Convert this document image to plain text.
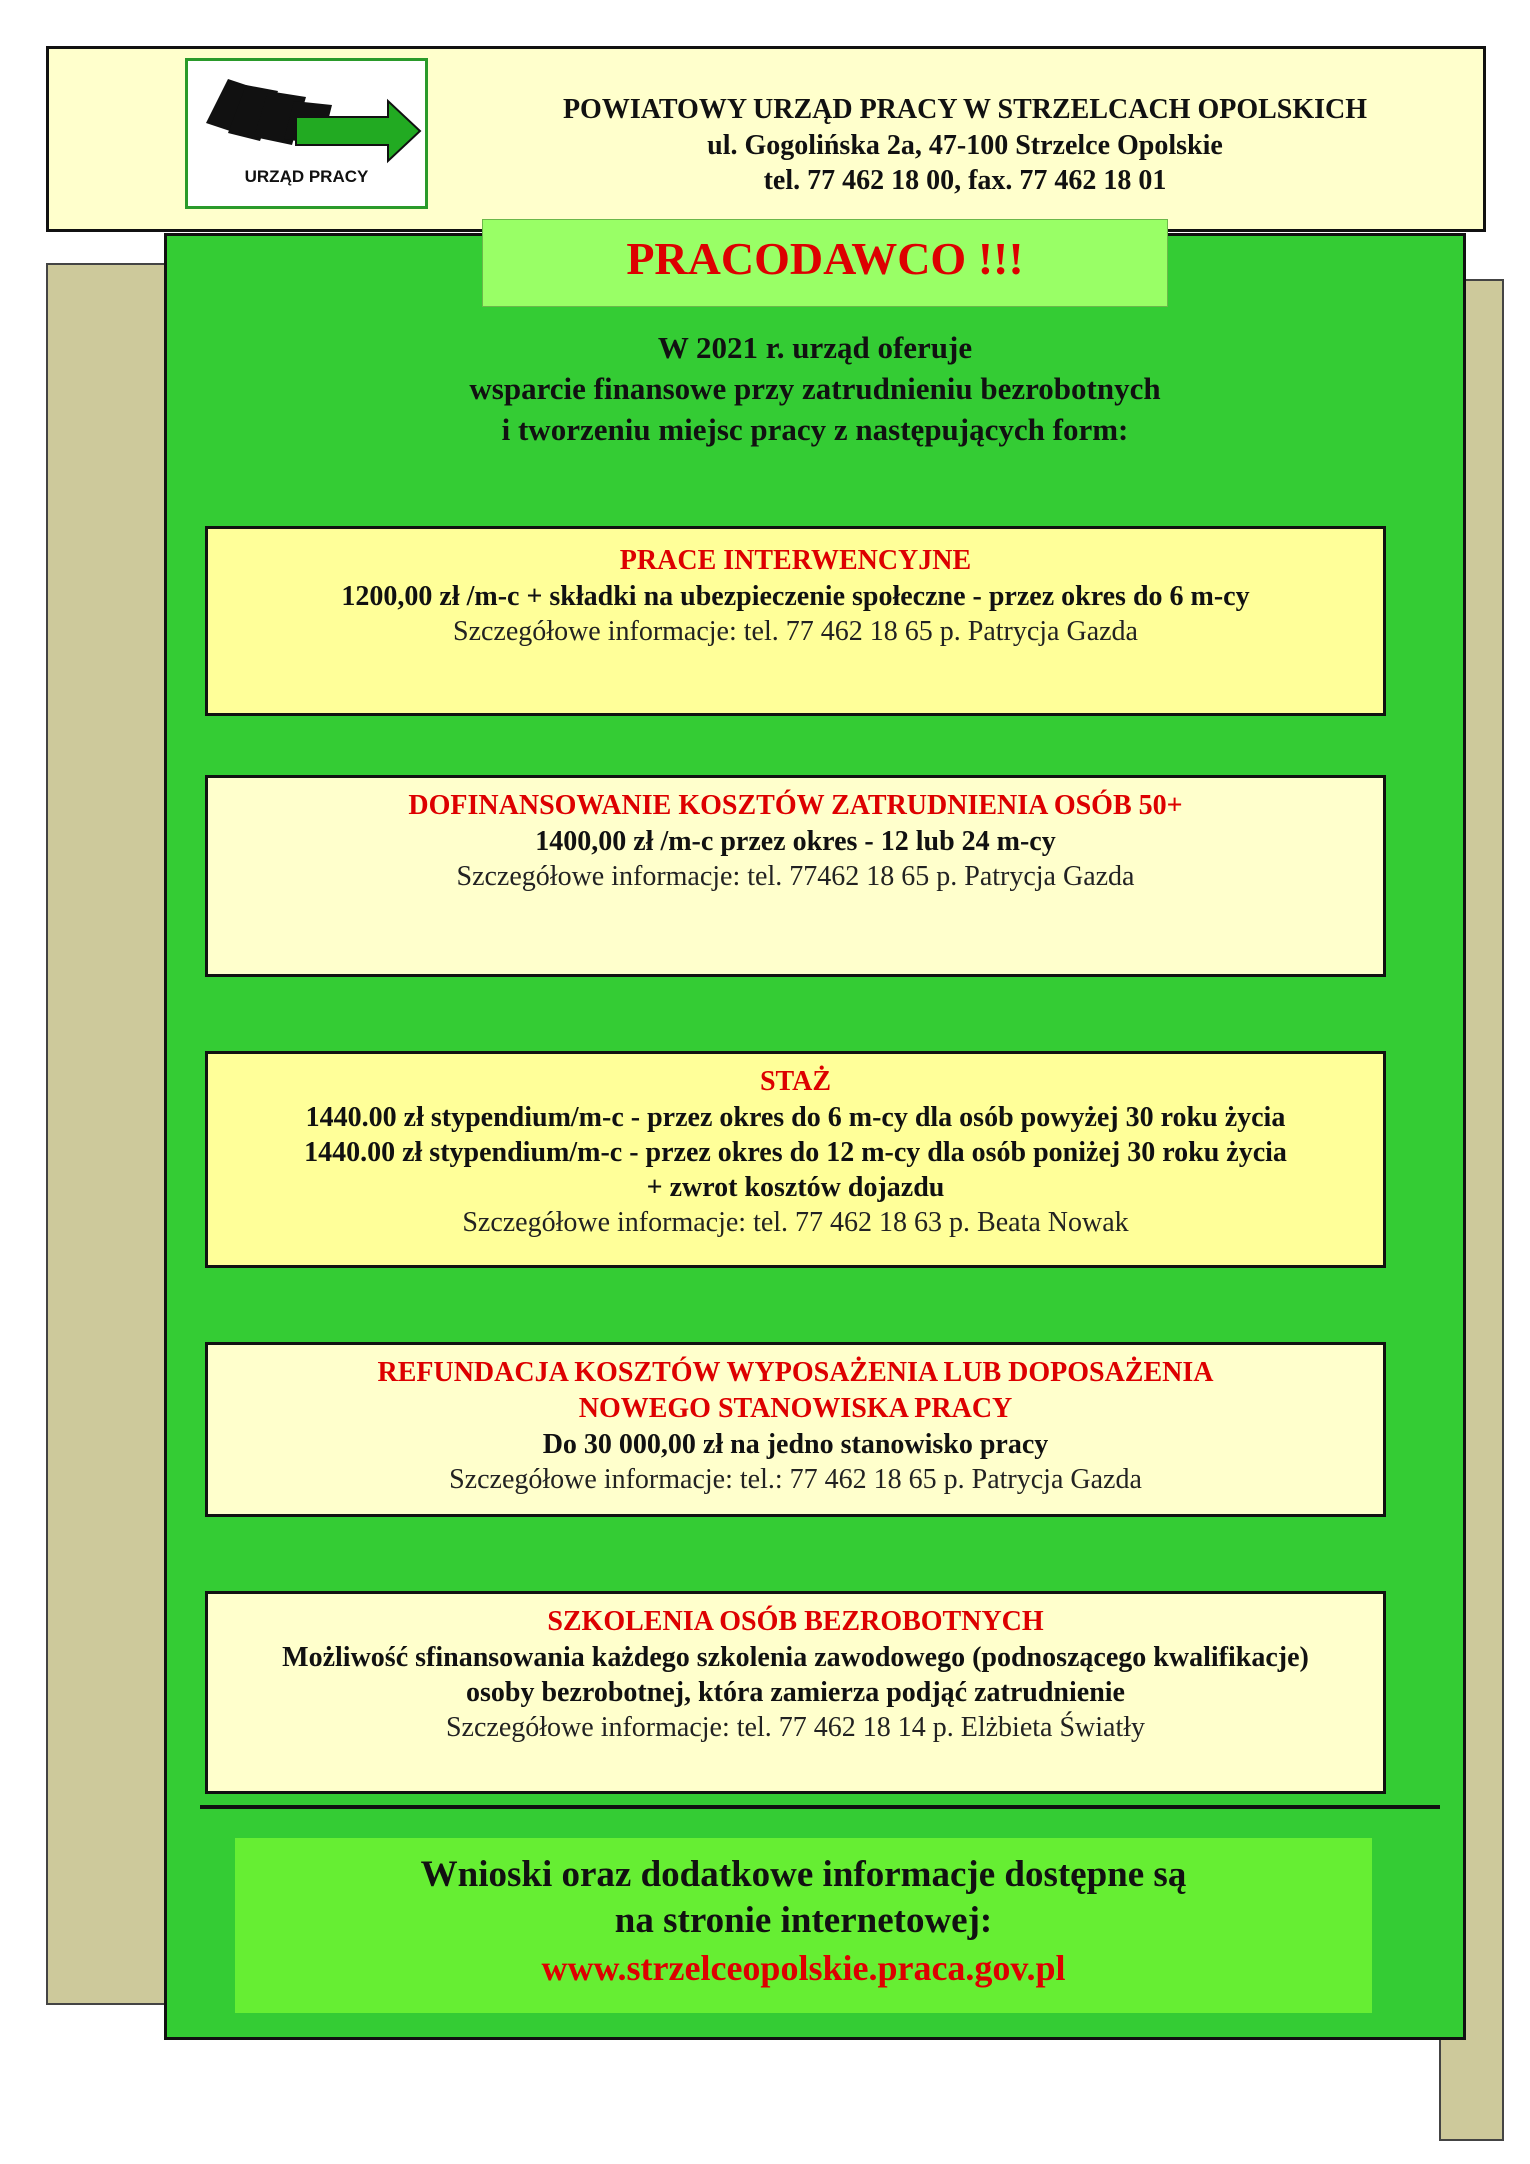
URZĄD PRACY
POWIATOWY URZĄD PRACY W STRZELCACH OPOLSKICH
ul. Gogolińska 2a, 47-100 Strzelce Opolskie
tel. 77 462 18 00, fax. 77 462 18 01
PRACODAWCO !!!
W 2021 r. urząd oferuje
wsparcie finansowe przy zatrudnieniu bezrobotnych
i tworzeniu miejsc pracy z następujących form:
PRACE INTERWENCYJNE
1200,00 zł /m-c + składki na ubezpieczenie społeczne - przez okres do 6 m-cy
Szczegółowe informacje: tel. 77 462 18 65 p. Patrycja Gazda
DOFINANSOWANIE KOSZTÓW ZATRUDNIENIA OSÓB 50+
1400,00 zł /m-c przez okres - 12 lub 24 m-cy
Szczegółowe informacje: tel. 77462 18 65 p. Patrycja Gazda
STAŻ
1440.00 zł stypendium/m-c - przez okres do 6 m-cy dla osób powyżej 30 roku życia
1440.00 zł stypendium/m-c - przez okres do 12 m-cy dla osób poniżej 30 roku życia
+ zwrot kosztów dojazdu
Szczegółowe informacje: tel. 77 462 18 63 p. Beata Nowak
REFUNDACJA KOSZTÓW WYPOSAŻENIA LUB DOPOSAŻENIA
NOWEGO STANOWISKA PRACY
Do 30 000,00 zł na jedno stanowisko pracy
Szczegółowe informacje: tel.: 77 462 18 65 p. Patrycja Gazda
SZKOLENIA OSÓB BEZROBOTNYCH
Możliwość sfinansowania każdego szkolenia zawodowego (podnoszącego kwalifikacje)
osoby bezrobotnej, która zamierza podjąć zatrudnienie
Szczegółowe informacje: tel. 77 462 18 14 p. Elżbieta Światły
Wnioski oraz dodatkowe informacje dostępne są
na stronie internetowej:
www.strzelceopolskie.praca.gov.pl
